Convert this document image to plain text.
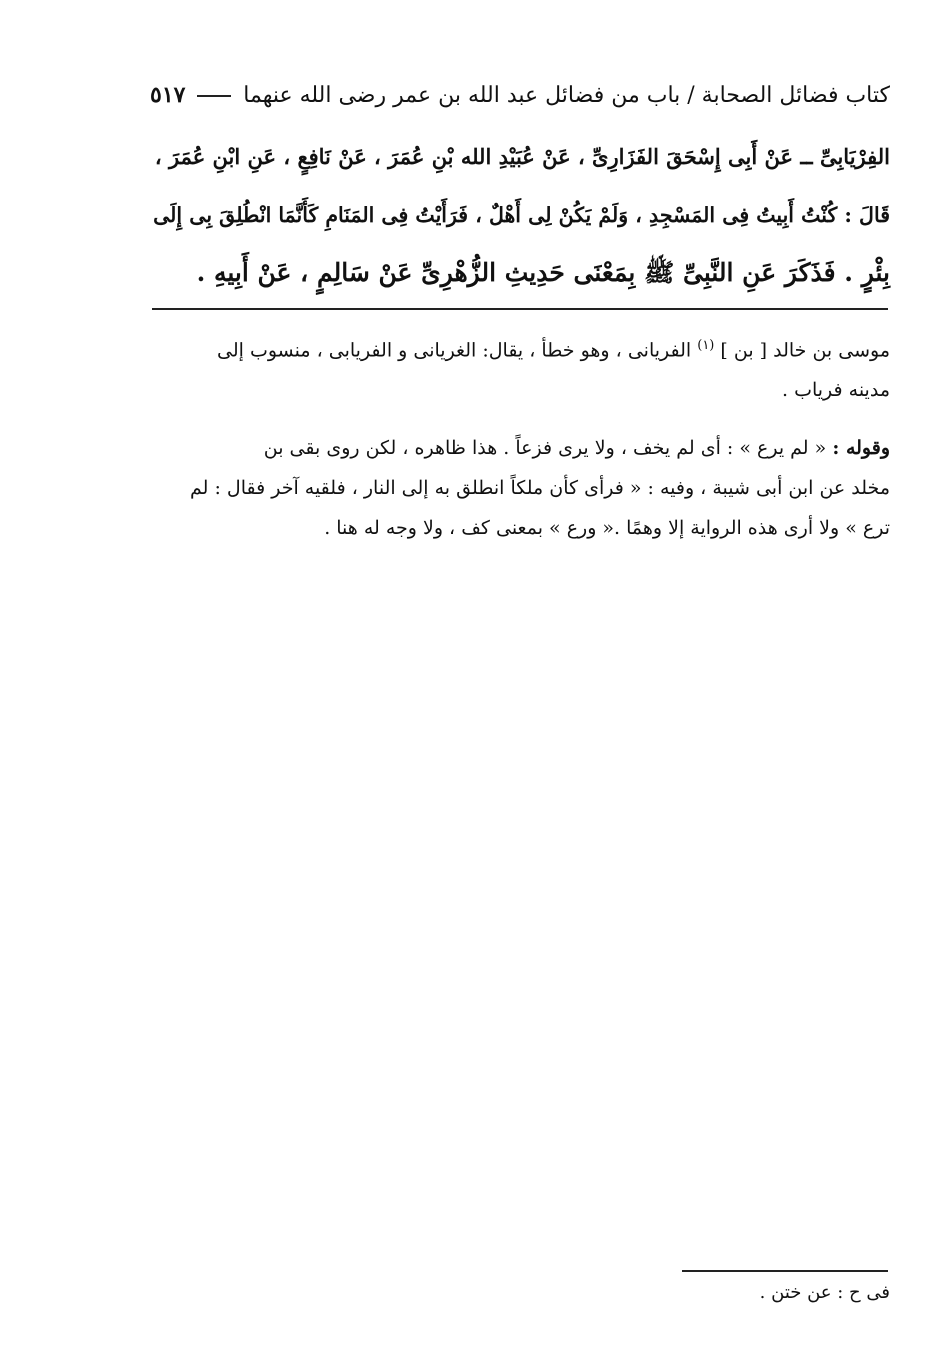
كتاب فضائل الصحابة / باب من فضائل عبد الله بن عمر رضى الله عنهما
٥١٧
الفِرْيَابِىِّ ــ عَنْ أَبِى إِسْحَقَ الفَزَارِىِّ ، عَنْ عُبَيْدِ الله بْنِ عُمَرَ ، عَنْ نَافِعٍ ، عَنِ ابْنِ عُمَرَ ،
قَالَ : كُنْتُ أَبِيتُ فِى المَسْجِدِ ، وَلَمْ يَكُنْ لِى أَهْلٌ ، فَرَأَيْتُ فِى المَنَامِ كَأَنَّمَا انْطُلِقَ بِى إِلَى
بِئْرٍ . فَذَكَرَ عَنِ النَّبِىِّ ﷺ بِمَعْنَى حَدِيثِ الزُّهْرِىِّ عَنْ سَالِمٍ ، عَنْ أَبِيهِ .

موسى بن خالد [ بن ] $^{(١)}$ الفريانى ، وهو خطأ ، يقال: الغريانى و الفريابى ، منسوب إلى
مدينه فرياب .

وقوله : « لم يرع » : أى لم يخف ، ولا يرى فزعاً . هذا ظاهره ، لكن روى بقى بن
مخلد عن ابن أبى شيبة ، وفيه : « فرأى كأن ملكاً انطلق به إلى النار ، فلقيه آخر فقال : لم
ترع » ولا أرى هذه الرواية إلا وهمًا .« ورع » بمعنى كف ، ولا وجه له هنا .

فى ح : عن ختن .
